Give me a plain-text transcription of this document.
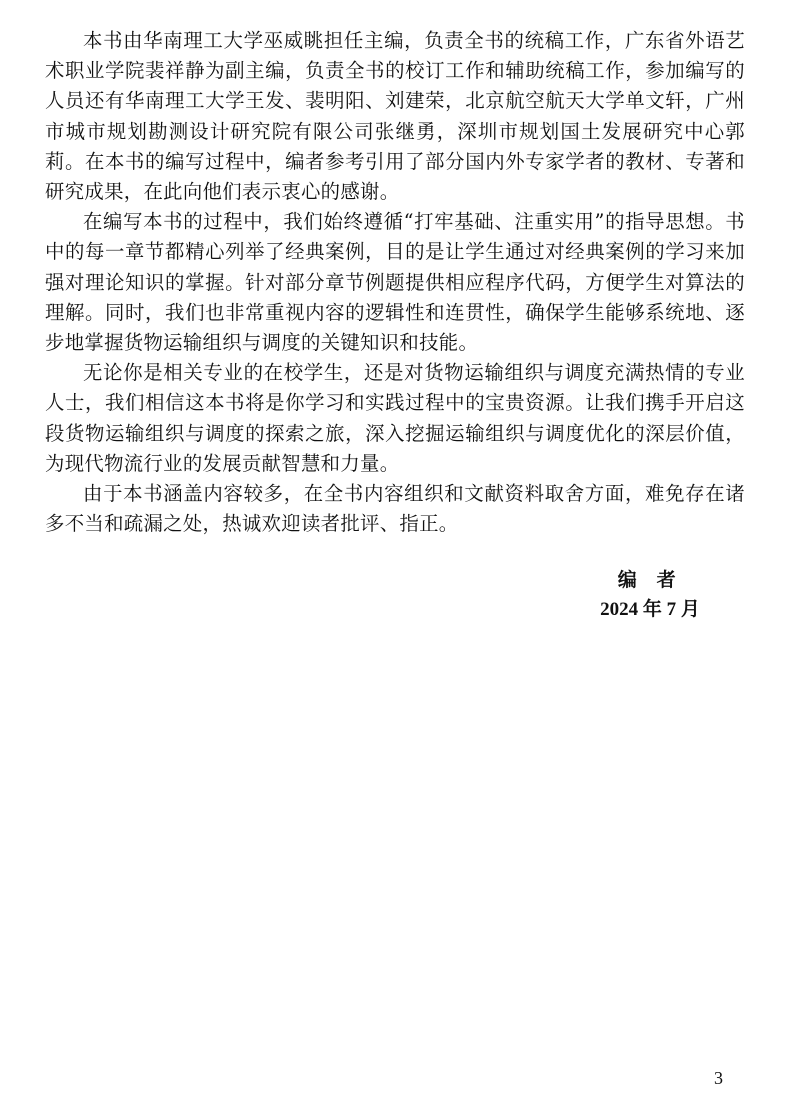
本书由华南理工大学巫威眺担任主编，负责全书的统稿工作，广东省外语艺术职业学院裴祥静为副主编，负责全书的校订工作和辅助统稿工作，参加编写的人员还有华南理工大学王发、裴明阳、刘建荣，北京航空航天大学单文轩，广州市城市规划勘测设计研究院有限公司张继勇，深圳市规划国土发展研究中心郭莉。在本书的编写过程中，编者参考引用了部分国内外专家学者的教材、专著和研究成果，在此向他们表示衷心的感谢。

在编写本书的过程中，我们始终遵循“打牢基础、注重实用”的指导思想。书中的每一章节都精心列举了经典案例，目的是让学生通过对经典案例的学习来加强对理论知识的掌握。针对部分章节例题提供相应程序代码，方便学生对算法的理解。同时，我们也非常重视内容的逻辑性和连贯性，确保学生能够系统地、逐步地掌握货物运输组织与调度的关键知识和技能。

无论你是相关专业的在校学生，还是对货物运输组织与调度充满热情的专业人士，我们相信这本书将是你学习和实践过程中的宝贵资源。让我们携手开启这段货物运输组织与调度的探索之旅，深入挖掘运输组织与调度优化的深层价值，为现代物流行业的发展贡献智慧和力量。

由于本书涵盖内容较多，在全书内容组织和文献资料取舍方面，难免存在诸多不当和疏漏之处，热诚欢迎读者批评、指正。

编者
2024 年 7 月
3
